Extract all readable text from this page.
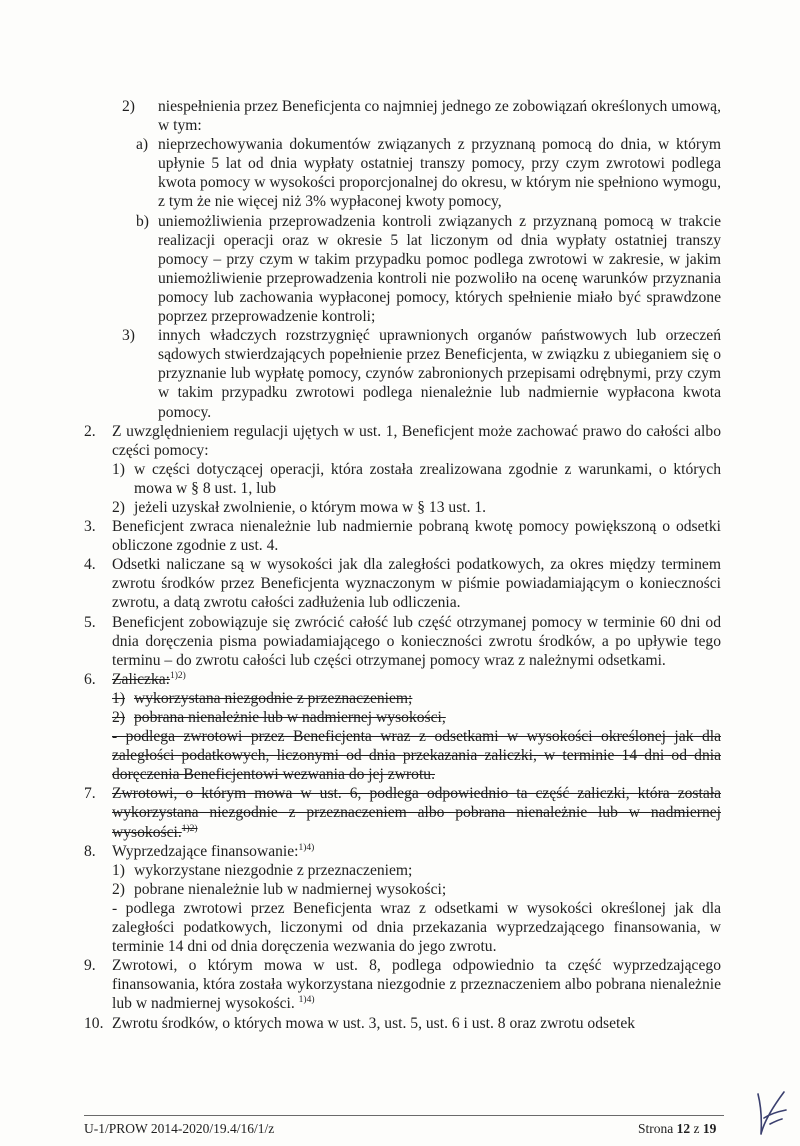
2)	niespełnienia przez Beneficjenta co najmniej jednego ze zobowiązań określonych umową, w tym:
a) nieprzechowywania dokumentów związanych z przyznaną pomocą do dnia, w którym upłynie 5 lat od dnia wypłaty ostatniej transzy pomocy, przy czym zwrotowi podlega kwota pomocy w wysokości proporcjonalnej do okresu, w którym nie spełniono wymogu, z tym że nie więcej niż 3% wypłaconej kwoty pomocy,
b) uniemożliwienia przeprowadzenia kontroli związanych z przyznaną pomocą w trakcie realizacji operacji oraz w okresie 5 lat liczonym od dnia wypłaty ostatniej transzy pomocy – przy czym w takim przypadku pomoc podlega zwrotowi w zakresie, w jakim uniemożliwienie przeprowadzenia kontroli nie pozwoliło na ocenę warunków przyznania pomocy lub zachowania wypłaconej pomocy, których spełnienie miało być sprawdzone poprzez przeprowadzenie kontroli;
3)	innych władczych rozstrzygnięć uprawnionych organów państwowych lub orzeczeń sądowych stwierdzających popełnienie przez Beneficjenta, w związku z ubieganiem się o przyznanie lub wypłatę pomocy, czynów zabronionych przepisami odrębnymi, przy czym w takim przypadku zwrotowi podlega nienależnie lub nadmiernie wypłacona kwota pomocy.
2.	Z uwzględnieniem regulacji ujętych w ust. 1, Beneficjent może zachować prawo do całości albo części pomocy:
1) w części dotyczącej operacji, która została zrealizowana zgodnie z warunkami, o których mowa w § 8 ust. 1, lub
2) jeżeli uzyskał zwolnienie, o którym mowa w § 13 ust. 1.
3.	Beneficjent zwraca nienależnie lub nadmiernie pobraną kwotę pomocy powiększoną o odsetki obliczone zgodnie z ust. 4.
4.	Odsetki naliczane są w wysokości jak dla zaległości podatkowych, za okres między terminem zwrotu środków przez Beneficjenta wyznaczonym w piśmie powiadamiającym o konieczności zwrotu, a datą zwrotu całości zadłużenia lub odliczenia.
5.	Beneficjent zobowiązuje się zwrócić całość lub część otrzymanej pomocy w terminie 60 dni od dnia doręczenia pisma powiadamiającego o konieczności zwrotu środków, a po upływie tego terminu – do zwrotu całości lub części otrzymanej pomocy wraz z należnymi odsetkami.
6.	Zaliczka:$^{1)2)}$
1) wykorzystana niezgodnie z przeznaczeniem;
2) pobrana nienależnie lub w nadmiernej wysokości,
- podlega zwrotowi przez Beneficjenta wraz z odsetkami w wysokości określonej jak dla zaległości podatkowych, liczonymi od dnia przekazania zaliczki, w terminie 14 dni od dnia doręczenia Beneficjentowi wezwania do jej zwrotu.
7.	Zwrotowi, o którym mowa w ust. 6, podlega odpowiednio ta część zaliczki, która została wykorzystana niezgodnie z przeznaczeniem albo pobrana nienależnie lub w nadmiernej wysokości.$^{1)2)}$
8.	Wyprzedzające finansowanie:$^{1)4)}$
1) wykorzystane niezgodnie z przeznaczeniem;
2) pobrane nienależnie lub w nadmiernej wysokości;
- podlega zwrotowi przez Beneficjenta wraz z odsetkami w wysokości określonej jak dla zaległości podatkowych, liczonymi od dnia przekazania wyprzedzającego finansowania, w terminie 14 dni od dnia doręczenia wezwania do jego zwrotu.
9.	Zwrotowi, o którym mowa w ust. 8, podlega odpowiednio ta część wyprzedzającego finansowania, która została wykorzystana niezgodnie z przeznaczeniem albo pobrana nienależnie lub w nadmiernej wysokości. $^{1)4)}$
10. Zwrotu środków, o których mowa w ust. 3, ust. 5, ust. 6 i ust. 8 oraz zwrotu odsetek
U-1/PROW 2014-2020/19.4/16/1/z	Strona 12 z 19
